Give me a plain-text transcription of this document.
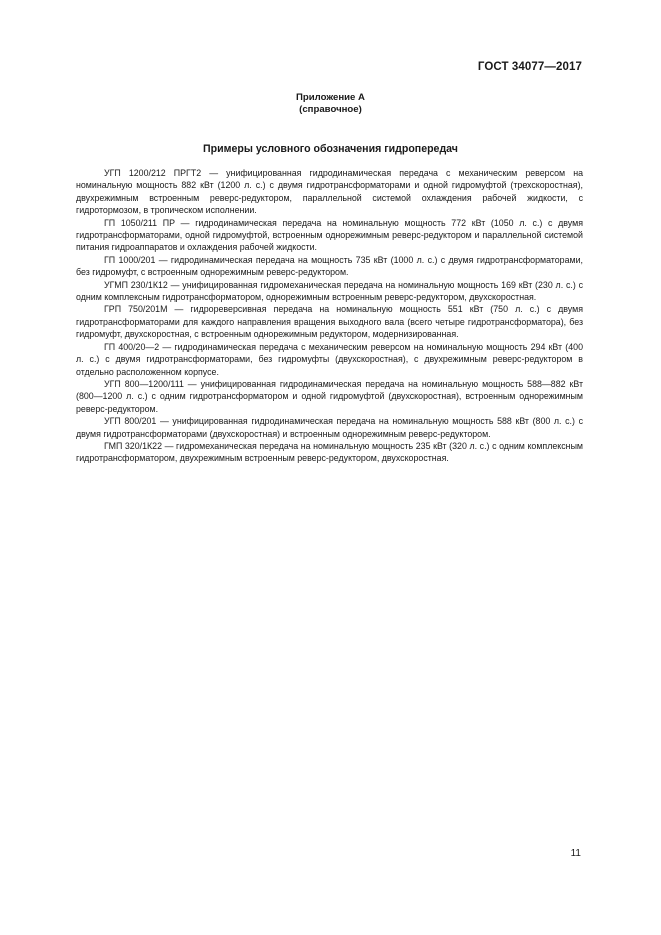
ГОСТ 34077—2017
Приложение А
(справочное)
Примеры условного обозначения гидропередач

УГП 1200/212 ПРГТ2 — унифицированная гидродинамическая передача с механическим реверсом на номинальную мощность 882 кВт (1200 л. с.) с двумя гидротрансформаторами и одной гидромуфтой (трехскоростная), двухрежимным встроенным реверс-редуктором, параллельной системой охлаждения рабочей жидкости, с гидротормозом, в тропическом исполнении.

ГП 1050/211 ПР — гидродинамическая передача на номинальную мощность 772 кВт (1050 л. с.) с двумя гидротрансформаторами, одной гидромуфтой, встроенным однорежимным реверс-редуктором и параллельной системой питания гидроаппаратов и охлаждения рабочей жидкости.

ГП 1000/201 — гидродинамическая передача на мощность 735 кВт (1000 л. с.) с двумя гидротрансформаторами, без гидромуфт, с встроенным однорежимным реверс-редуктором.

УГМП 230/1К12 — унифицированная гидромеханическая передача на номинальную мощность 169 кВт (230 л. с.) с одним комплексным гидротрансформатором, однорежимным встроенным реверс-редуктором, двухскоростная.

ГРП 750/201М — гидрореверсивная передача на номинальную мощность 551 кВт (750 л. с.) с двумя гидротрансформаторами для каждого направления вращения выходного вала (всего четыре гидротрансформатора), без гидромуфт, двухскоростная, с встроенным однорежимным редуктором, модернизированная.

ГП 400/20—2 — гидродинамическая передача с механическим реверсом на номинальную мощность 294 кВт (400 л. с.) с двумя гидротрансформаторами, без гидромуфты (двухскоростная), с двухрежимным реверс-редуктором в отдельно расположенном корпусе.

УГП 800—1200/111 — унифицированная гидродинамическая передача на номинальную мощность 588—882 кВт (800—1200 л. с.) с одним гидротрансформатором и одной гидромуфтой (двухскоростная), встроенным однорежимным реверс-редуктором.

УГП 800/201 — унифицированная гидродинамическая передача на номинальную мощность 588 кВт (800 л. с.) с двумя гидротрансформаторами (двухскоростная) и встроенным однорежимным реверс-редуктором.

ГМП 320/1К22 — гидромеханическая передача на номинальную мощность 235 кВт (320 л. с.) с одним комплексным гидротрансформатором, двухрежимным встроенным реверс-редуктором, двухскоростная.

11
